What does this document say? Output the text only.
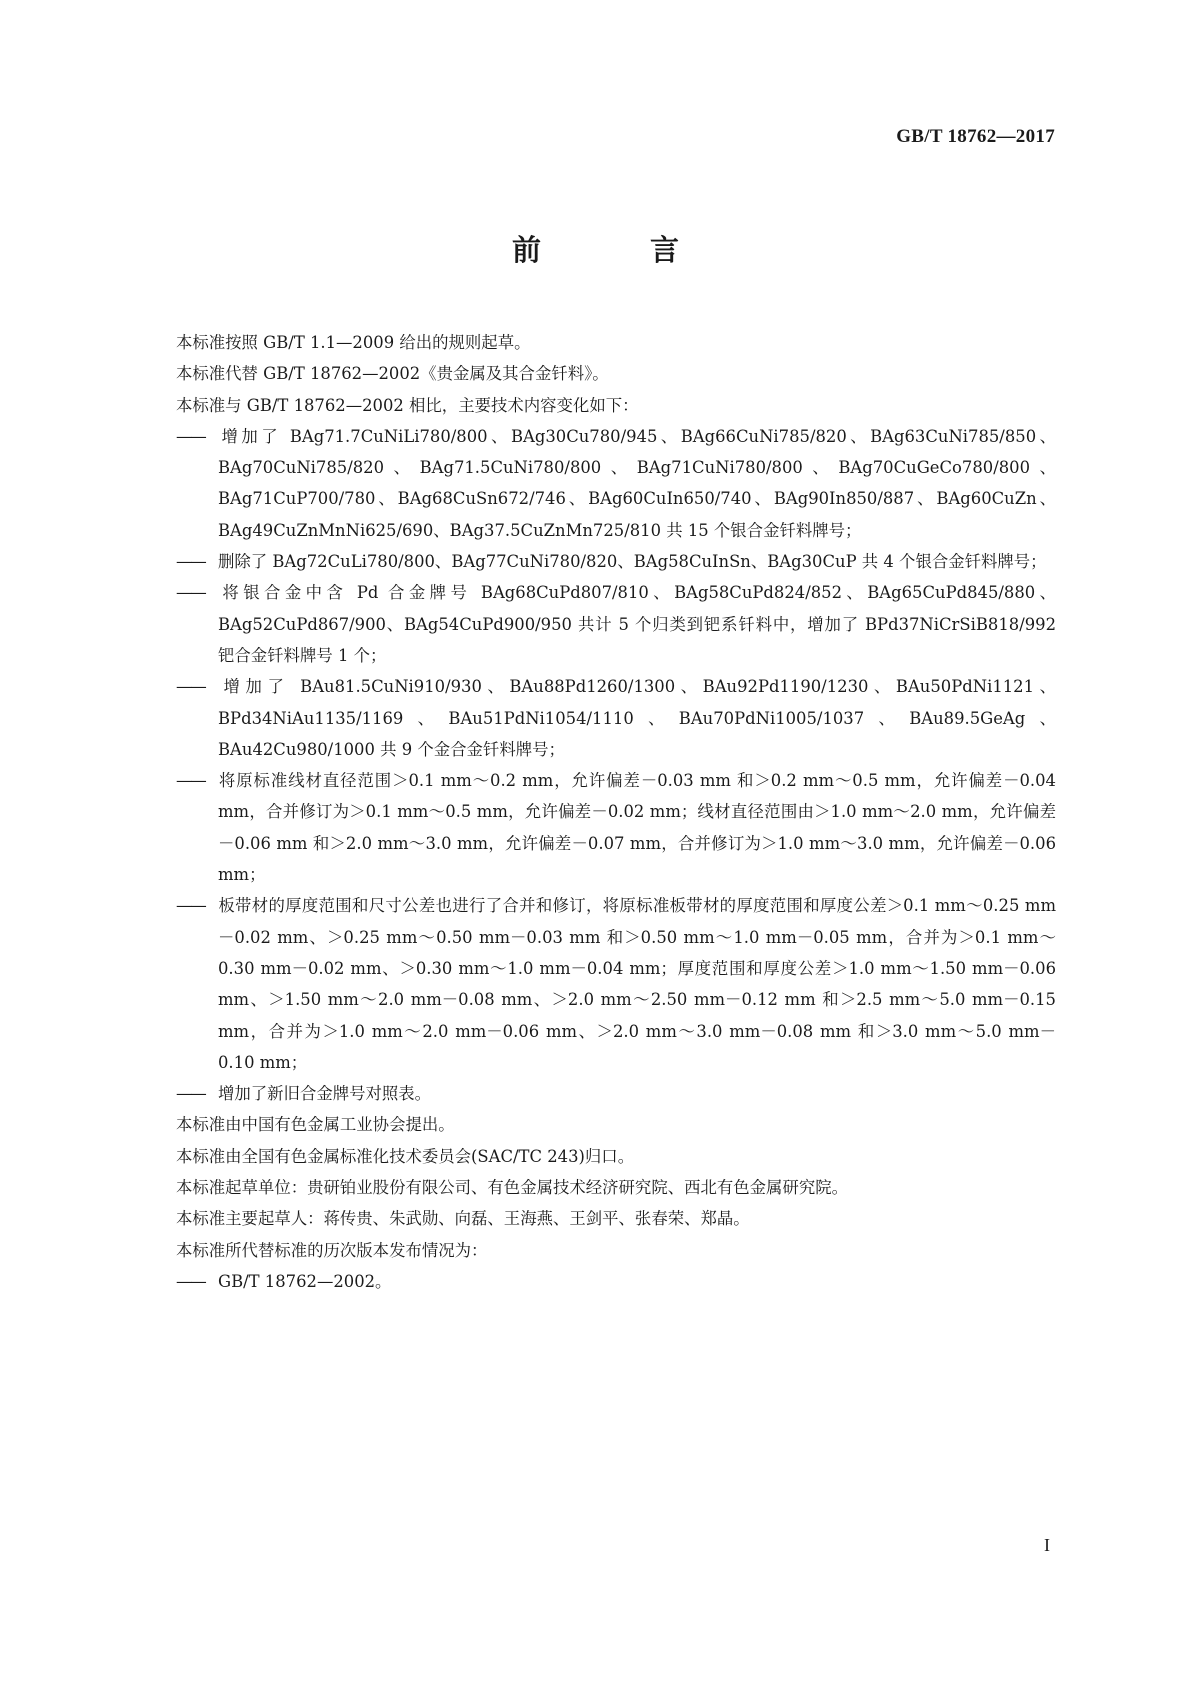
GB/T 18762—2017
前　言

本标准按照 GB/T 1.1—2009 给出的规则起草。

本标准代替 GB/T 18762—2002《贵金属及其合金钎料》。

本标准与 GB/T 18762—2002 相比，主要技术内容变化如下：

—— 增加了 BAg71.7CuNiLi780/800、BAg30Cu780/945、BAg66CuNi785/820、BAg63CuNi785/850、BAg70CuNi785/820、BAg71.5CuNi780/800、BAg71CuNi780/800、BAg70CuGeCo780/800、BAg71CuP700/780、BAg68CuSn672/746、BAg60CuIn650/740、BAg90In850/887、BAg60CuZn、BAg49CuZnMnNi625/690、BAg37.5CuZnMn725/810 共 15 个银合金钎料牌号；

—— 删除了 BAg72CuLi780/800、BAg77CuNi780/820、BAg58CuInSn、BAg30CuP 共 4 个银合金钎料牌号；

—— 将银合金中含 Pd 合金牌号 BAg68CuPd807/810、BAg58CuPd824/852、BAg65CuPd845/880、BAg52CuPd867/900、BAg54CuPd900/950 共计 5 个归类到钯系钎料中，增加了 BPd37NiCrSiB818/992 钯合金钎料牌号 1 个；

—— 增加了 BAu81.5CuNi910/930、BAu88Pd1260/1300、BAu92Pd1190/1230、BAu50PdNi1121、BPd34NiAu1135/1169、BAu51PdNi1054/1110、BAu70PdNi1005/1037、BAu89.5GeAg、BAu42Cu980/1000 共 9 个金合金钎料牌号；

—— 将原标准线材直径范围＞0.1 mm～0.2 mm，允许偏差－0.03 mm 和＞0.2 mm～0.5 mm，允许偏差－0.04 mm，合并修订为＞0.1 mm～0.5 mm，允许偏差－0.02 mm；线材直径范围由＞1.0 mm～2.0 mm，允许偏差－0.06 mm 和＞2.0 mm～3.0 mm，允许偏差－0.07 mm，合并修订为＞1.0 mm～3.0 mm，允许偏差－0.06 mm；

—— 板带材的厚度范围和尺寸公差也进行了合并和修订，将原标准板带材的厚度范围和厚度公差＞0.1 mm～0.25 mm－0.02 mm、＞0.25 mm～0.50 mm－0.03 mm 和＞0.50 mm～1.0 mm－0.05 mm，合并为＞0.1 mm～0.30 mm－0.02 mm、＞0.30 mm～1.0 mm－0.04 mm；厚度范围和厚度公差＞1.0 mm～1.50 mm－0.06 mm、＞1.50 mm～2.0 mm－0.08 mm、＞2.0 mm～2.50 mm－0.12 mm 和＞2.5 mm～5.0 mm－0.15 mm，合并为＞1.0 mm～2.0 mm－0.06 mm、＞2.0 mm～3.0 mm－0.08 mm 和＞3.0 mm～5.0 mm－0.10 mm；

—— 增加了新旧合金牌号对照表。

本标准由中国有色金属工业协会提出。

本标准由全国有色金属标准化技术委员会(SAC/TC 243)归口。

本标准起草单位：贵研铂业股份有限公司、有色金属技术经济研究院、西北有色金属研究院。

本标准主要起草人：蒋传贵、朱武勋、向磊、王海燕、王剑平、张春荣、郑晶。

本标准所代替标准的历次版本发布情况为：

—— GB/T 18762—2002。

I
